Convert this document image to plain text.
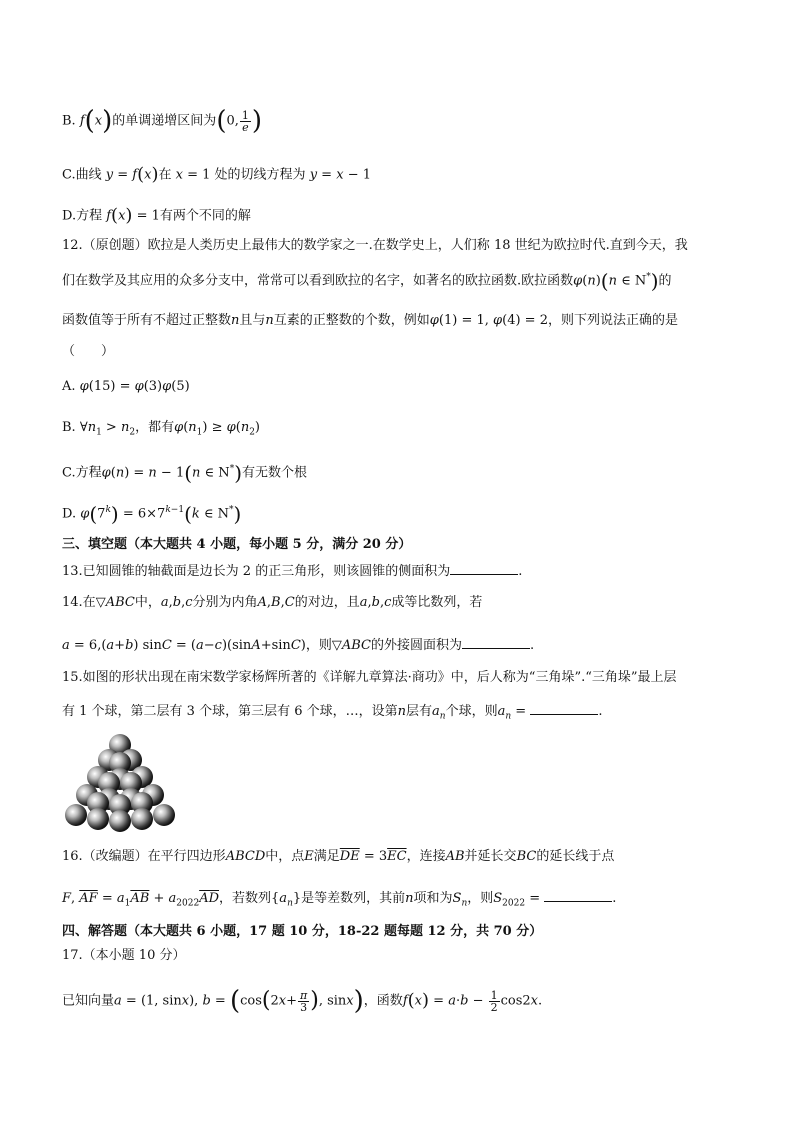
B. f(x)的单调递增区间为(0, $\frac{1}{e}$ )
C.曲线 y = f(x)在 x = 1 处的切线方程为 y = x − 1
D.方程 f(x) = 1有两个不同的解
12.（原创题）欧拉是人类历史上最伟大的数学家之一.在数学史上，人们称 18 世纪为欧拉时代.直到今天，我
们在数学及其应用的众多分支中，常常可以看到欧拉的名字，如著名的欧拉函数.欧拉函数φ(n)(n ∈ N*)的
函数值等于所有不超过正整数n且与n互素的正整数的个数，例如φ(1) = 1, φ(4) = 2，则下列说法正确的是
（　　）
A. φ(15) = φ(3)φ(5)
B. $\forall n_1 > n_2$，都有$\varphi(n_1) \ge \varphi(n_2)$
C.方程φ(n) = n − 1(n ∈ N*)有无数个根
D. $\varphi(7^k) = 6\times 7^{k-1}(k$ ∈ N*)
三、填空题（本大题共 4 小题，每小题 5 分，满分 20 分）
13.已知圆锥的轴截面是边长为 2 的正三角形，则该圆锥的侧面积为	.
14.在▽ABC中，a,b,c分别为内角A,B,C的对边，且a,b,c成等比数列，若
a = 6,(a+b) sinC = (a−c)(sinA+sinC)，则▽ABC的外接圆面积为	.
15.如图的形状出现在南宋数学家杨辉所著的《详解九章算法·商功》中，后人称为“三角垛”.“三角垛”最上层
有 1 个球，第二层有 3 个球，第三层有 6 个球，…，设第n层有$a_n$个球，则$a_n$ =	.
16.（改编题）在平行四边形ABCD中，点E满足$\overline{DE} = 3\overline{EC}$，连接AB并延长交BC的延长线于点
F, $\overline{AF} = a_1\overline{AB} + a_{2022}\overline{AD}$，若数列$\{a_n\}$是等差数列，其前n项和为$S_n$，则$S_{2022}$ =	.
四、解答题（本大题共 6 小题，17 题 10 分，18-22 题每题 12 分，共 70 分）
17.（本小题 10 分）
已知向量a = (1, sinx), $b = (\cos(2x+ \frac{\pi}{3}$ ), sinx)，函数$f(x) = a\cdot b - \frac{1}{2} \cos 2x$.
